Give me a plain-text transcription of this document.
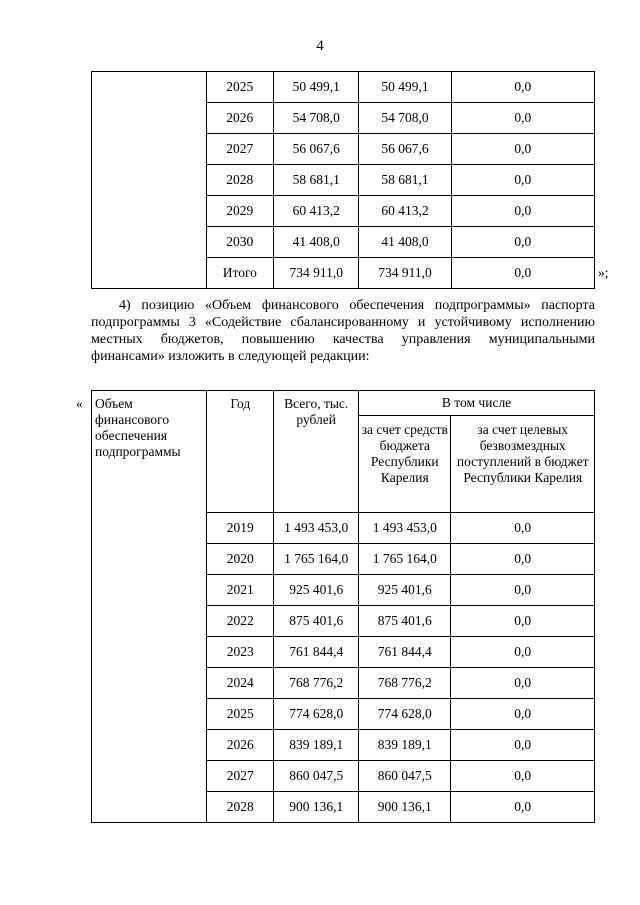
4
	2025	50 499,1	50 499,1	0,0
	2026	54 708,0	54 708,0	0,0
	2027	56 067,6	56 067,6	0,0
	2028	58 681,1	58 681,1	0,0
	2029	60 413,2	60 413,2	0,0
	2030	41 408,0	41 408,0	0,0
	Итого	734 911,0	734 911,0	0,0	»;

4) позицию «Объем финансового обеспечения подпрограммы» паспорта подпрограммы 3 «Содействие сбалансированному и устойчивому исполнению местных бюджетов, повышению качества управления муниципальными финансами» изложить в следующей редакции:

« Объем финансового обеспечения подпрограммы	Год	Всего, тыс. рублей	В том числе	
			за счет средств бюджета Республики Карелия	за счет целевых безвозмездных поступлений в бюджет Республики Карелия
	2019	1 493 453,0	1 493 453,0	0,0
	2020	1 765 164,0	1 765 164,0	0,0
	2021	925 401,6	925 401,6	0,0
	2022	875 401,6	875 401,6	0,0
	2023	761 844,4	761 844,4	0,0
	2024	768 776,2	768 776,2	0,0
	2025	774 628,0	774 628,0	0,0
	2026	839 189,1	839 189,1	0,0
	2027	860 047,5	860 047,5	0,0
	2028	900 136,1	900 136,1	0,0
